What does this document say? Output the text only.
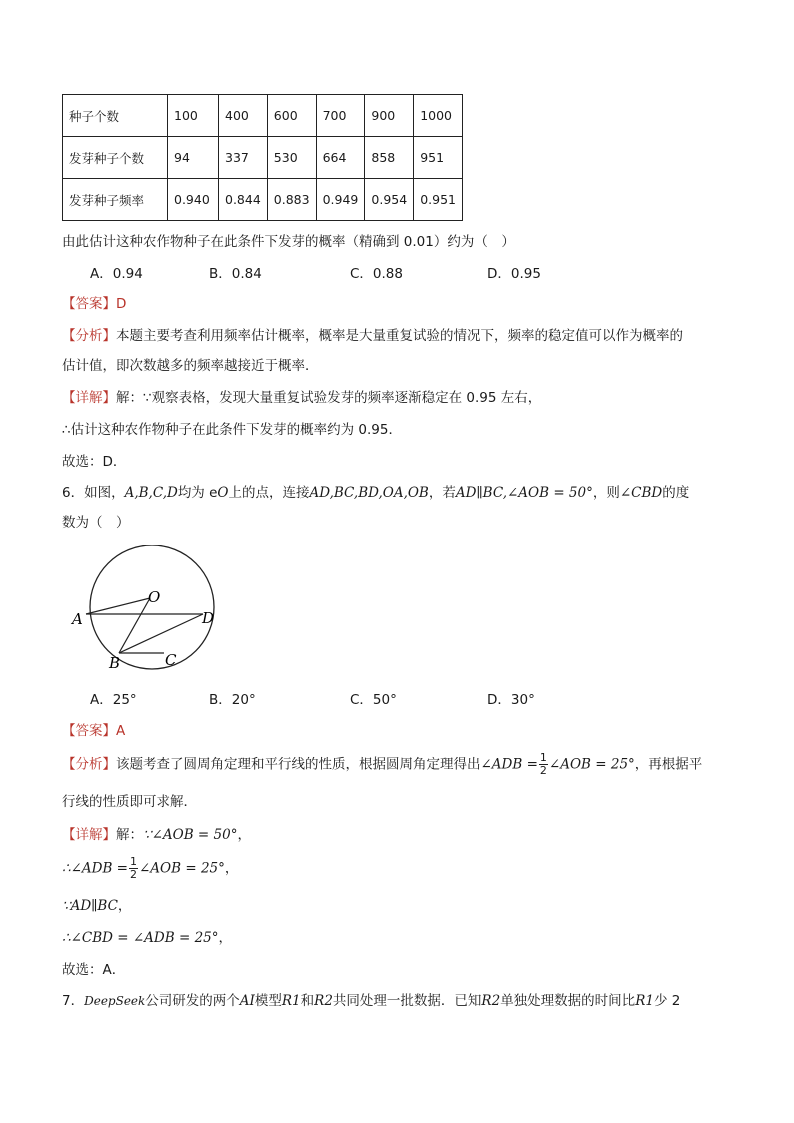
种子个数	100	400	600	700	900	1000
发芽种子个数	94	337	530	664	858	951
发芽种子频率	0.940	0.844	0.883	0.949	0.954	0.951
由此估计这种农作物种子在此条件下发芽的概率（精确到 0.01）约为（　）
A．0.94	B．0.84	C．0.88	D．0.95
【答案】D
【分析】本题主要考查利用频率估计概率，概率是大量重复试验的情况下，频率的稳定值可以作为概率的
估计值，即次数越多的频率越接近于概率．
【详解】解：∵观察表格，发现大量重复试验发芽的频率逐渐稳定在 0.95 左右，
∴估计这种农作物种子在此条件下发芽的概率约为 0.95．
故选：D．
6．如图，A,B,C,D均为 eO上的点，连接AD,BC,BD,OA,OB，若AD∥BC,∠AOB = 50°，则∠CBD的度
数为（　）
O
A	D
B	C
A．25°	B．20°	C．50°	D．30°
【答案】A
【分析】该题考查了圆周角定理和平行线的性质，根据圆周角定理得出∠ADB = $\frac{1}{2}$ ∠AOB = 25°，再根据平
行线的性质即可求解．
【详解】解：∵∠AOB = 50°，
∴∠ADB = $\frac{1}{2}$ ∠AOB = 25°，
∵AD∥BC，
∴∠CBD = ∠ADB = 25°，
故选：A．
7．DeepSeek公司研发的两个AI模型R1和R2共同处理一批数据．已知R2单独处理数据的时间比R1少 2
